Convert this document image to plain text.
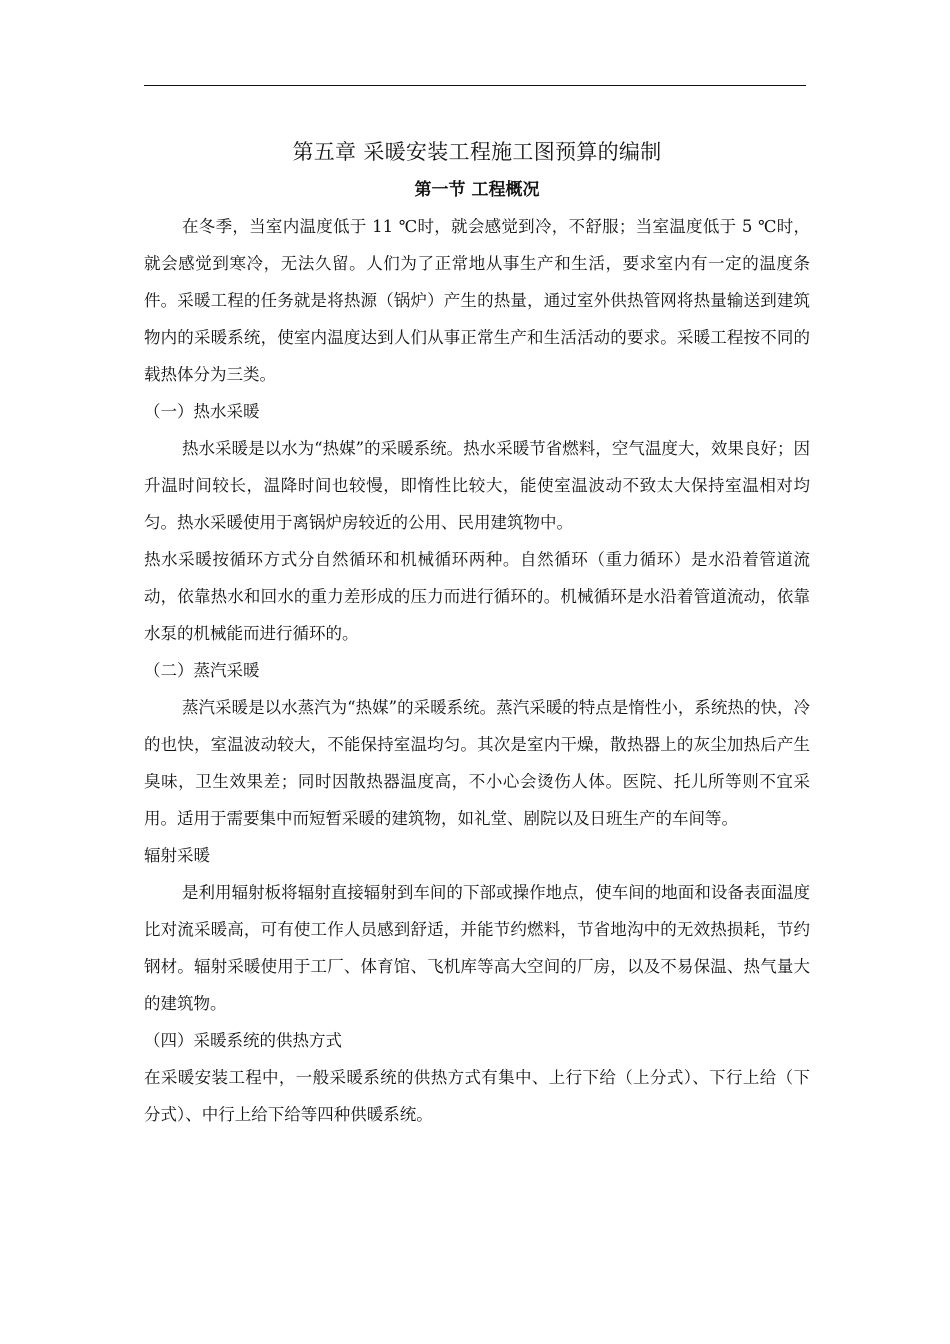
第五章 采暖安装工程施工图预算的编制
第一节 工程概况

在冬季，当室内温度低于 11 ℃时，就会感觉到冷，不舒服；当室温度低于 5 ℃时，就会感觉到寒冷，无法久留。人们为了正常地从事生产和生活，要求室内有一定的温度条件。采暖工程的任务就是将热源（锅炉）产生的热量，通过室外供热管网将热量输送到建筑物内的采暖系统，使室内温度达到人们从事正常生产和生活活动的要求。采暖工程按不同的载热体分为三类。

（一）热水采暖

热水采暖是以水为“热媒”的采暖系统。热水采暖节省燃料，空气温度大，效果良好；因升温时间较长，温降时间也较慢，即惰性比较大，能使室温波动不致太大保持室温相对均匀。热水采暖使用于离锅炉房较近的公用、民用建筑物中。

热水采暖按循环方式分自然循环和机械循环两种。自然循环（重力循环）是水沿着管道流动，依靠热水和回水的重力差形成的压力而进行循环的。机械循环是水沿着管道流动，依靠水泵的机械能而进行循环的。

（二）蒸汽采暖

蒸汽采暖是以水蒸汽为“热媒”的采暖系统。蒸汽采暖的特点是惰性小，系统热的快，冷的也快，室温波动较大，不能保持室温均匀。其次是室内干燥，散热器上的灰尘加热后产生臭味，卫生效果差；同时因散热器温度高，不小心会烫伤人体。医院、托儿所等则不宜采用。适用于需要集中而短暂采暖的建筑物，如礼堂、剧院以及日班生产的车间等。

辐射采暖

是利用辐射板将辐射直接辐射到车间的下部或操作地点，使车间的地面和设备表面温度比对流采暖高，可有使工作人员感到舒适，并能节约燃料，节省地沟中的无效热损耗，节约钢材。辐射采暖使用于工厂、体育馆、飞机库等高大空间的厂房，以及不易保温、热气量大的建筑物。

（四）采暖系统的供热方式

在采暖安装工程中，一般采暖系统的供热方式有集中、上行下给（上分式）、下行上给（下分式）、中行上给下给等四种供暖系统。
